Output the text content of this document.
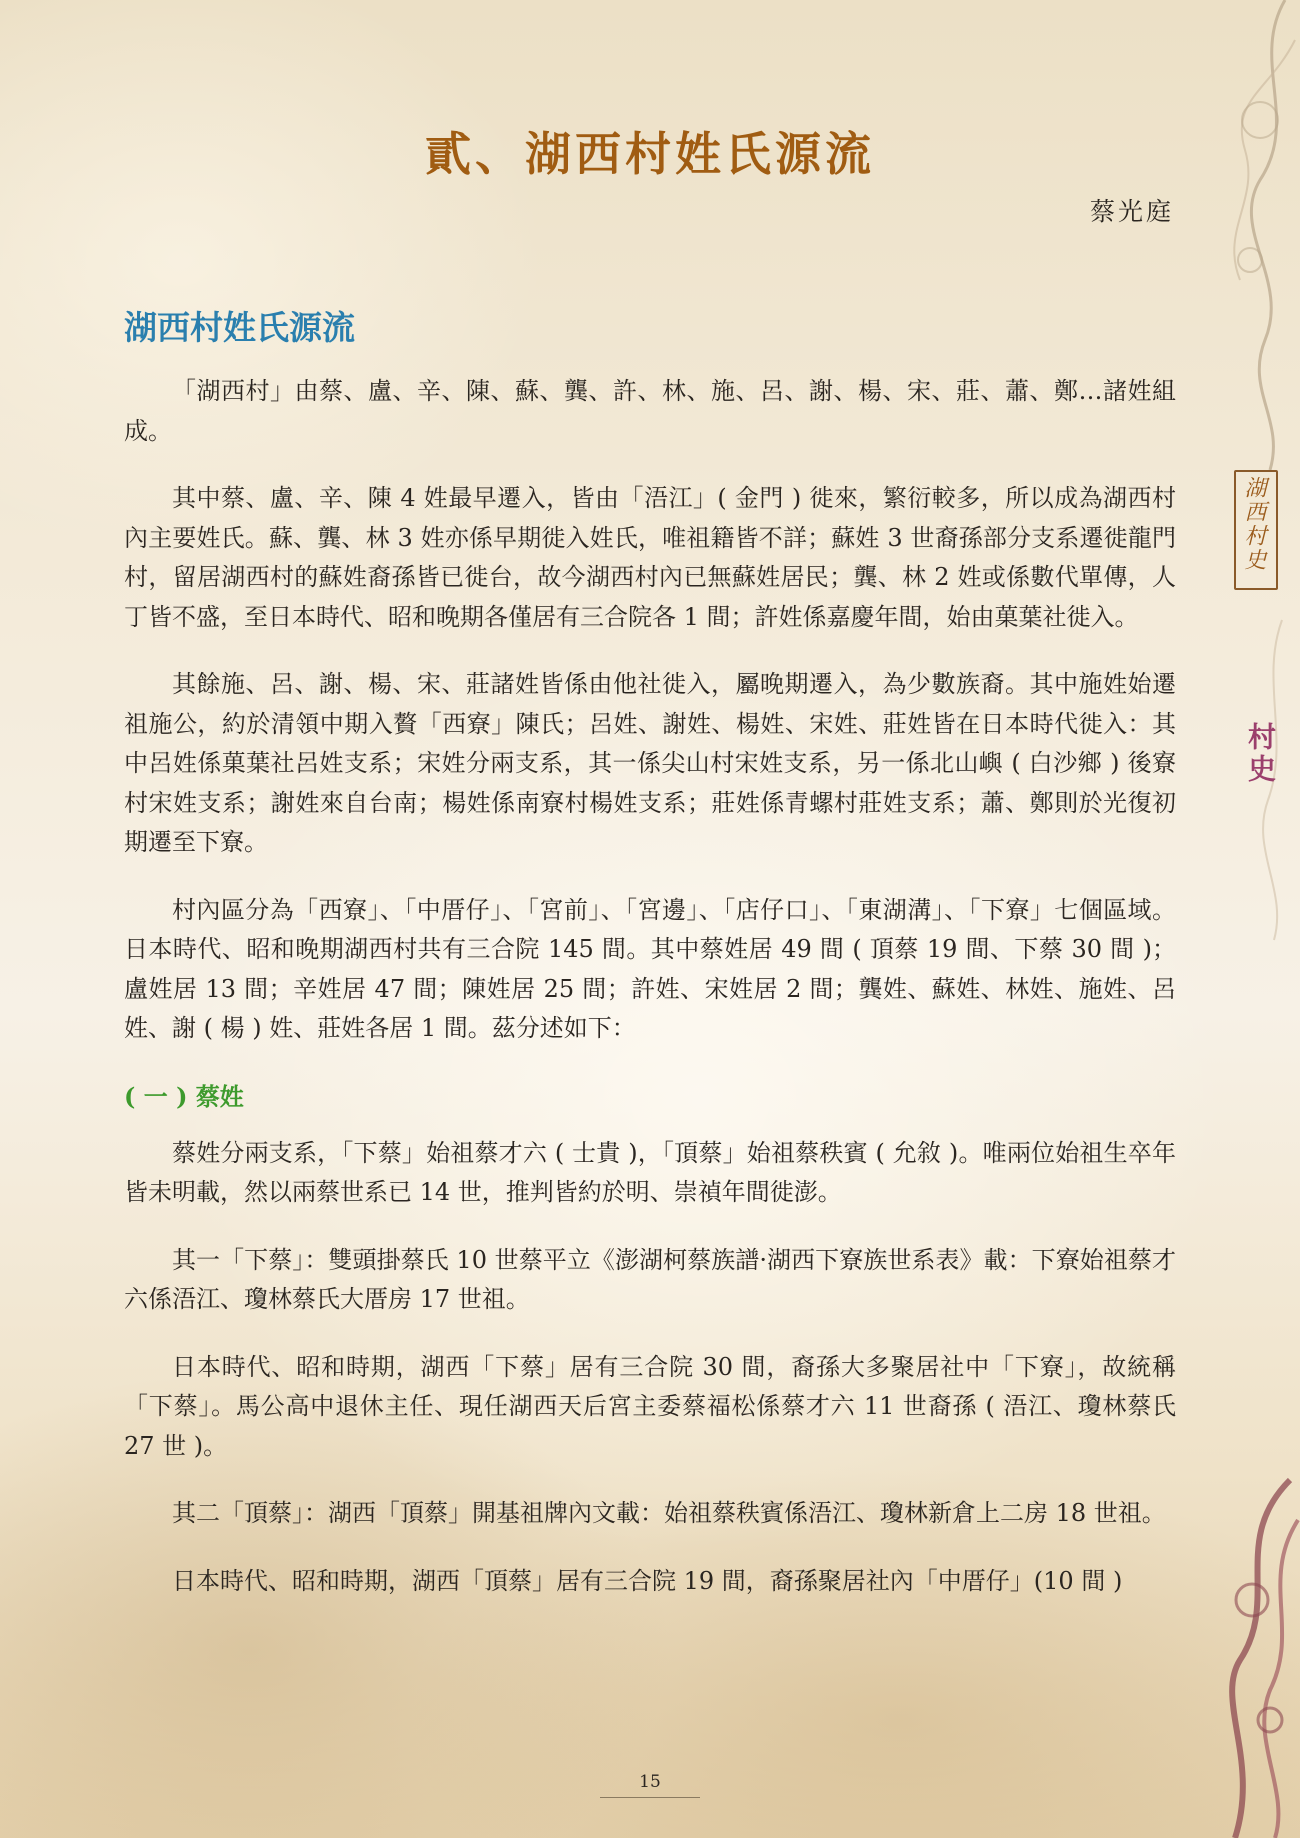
湖西村史
村史
貳、湖西村姓氏源流
蔡光庭
湖西村姓氏源流

「湖西村」由蔡、盧、辛、陳、蘇、龔、許、林、施、呂、謝、楊、宋、莊、蕭、鄭…諸姓組成。

其中蔡、盧、辛、陳 4 姓最早遷入，皆由「浯江」( 金門 ) 徙來，繁衍較多，所以成為湖西村內主要姓氏。蘇、龔、林 3 姓亦係早期徙入姓氏，唯祖籍皆不詳；蘇姓 3 世裔孫部分支系遷徙龍門村，留居湖西村的蘇姓裔孫皆已徙台，故今湖西村內已無蘇姓居民；龔、林 2 姓或係數代單傳，人丁皆不盛，至日本時代、昭和晚期各僅居有三合院各 1 間；許姓係嘉慶年間，始由菓葉社徙入。

其餘施、呂、謝、楊、宋、莊諸姓皆係由他社徙入，屬晚期遷入，為少數族裔。其中施姓始遷祖施公，約於清領中期入贅「西寮」陳氏；呂姓、謝姓、楊姓、宋姓、莊姓皆在日本時代徙入：其中呂姓係菓葉社呂姓支系；宋姓分兩支系，其一係尖山村宋姓支系，另一係北山嶼 ( 白沙鄉 ) 後寮村宋姓支系；謝姓來自台南；楊姓係南寮村楊姓支系；莊姓係青螺村莊姓支系；蕭、鄭則於光復初期遷至下寮。

村內區分為「西寮」、「中厝仔」、「宮前」、「宮邊」、「店仔口」、「東湖溝」、「下寮」七個區域。日本時代、昭和晚期湖西村共有三合院 145 間。其中蔡姓居 49 間 ( 頂蔡 19 間、下蔡 30 間 )；盧姓居 13 間；辛姓居 47 間；陳姓居 25 間；許姓、宋姓居 2 間；龔姓、蘇姓、林姓、施姓、呂姓、謝 ( 楊 ) 姓、莊姓各居 1 間。茲分述如下：

( 一 ) 蔡姓

蔡姓分兩支系，「下蔡」始祖蔡才六 ( 士貴 )，「頂蔡」始祖蔡秩賓 ( 允敘 )。唯兩位始祖生卒年皆未明載，然以兩蔡世系已 14 世，推判皆約於明、崇禎年間徙澎。

其一「下蔡」：雙頭掛蔡氏 10 世蔡平立《澎湖柯蔡族譜·湖西下寮族世系表》載：下寮始祖蔡才六係浯江、瓊林蔡氏大厝房 17 世祖。

日本時代、昭和時期，湖西「下蔡」居有三合院 30 間，裔孫大多聚居社中「下寮」，故統稱「下蔡」。馬公高中退休主任、現任湖西天后宮主委蔡福松係蔡才六 11 世裔孫 ( 浯江、瓊林蔡氏 27 世 )。

其二「頂蔡」：湖西「頂蔡」開基祖牌內文載：始祖蔡秩賓係浯江、瓊林新倉上二房 18 世祖。

日本時代、昭和時期，湖西「頂蔡」居有三合院 19 間，裔孫聚居社內「中厝仔」(10 間 )

15
